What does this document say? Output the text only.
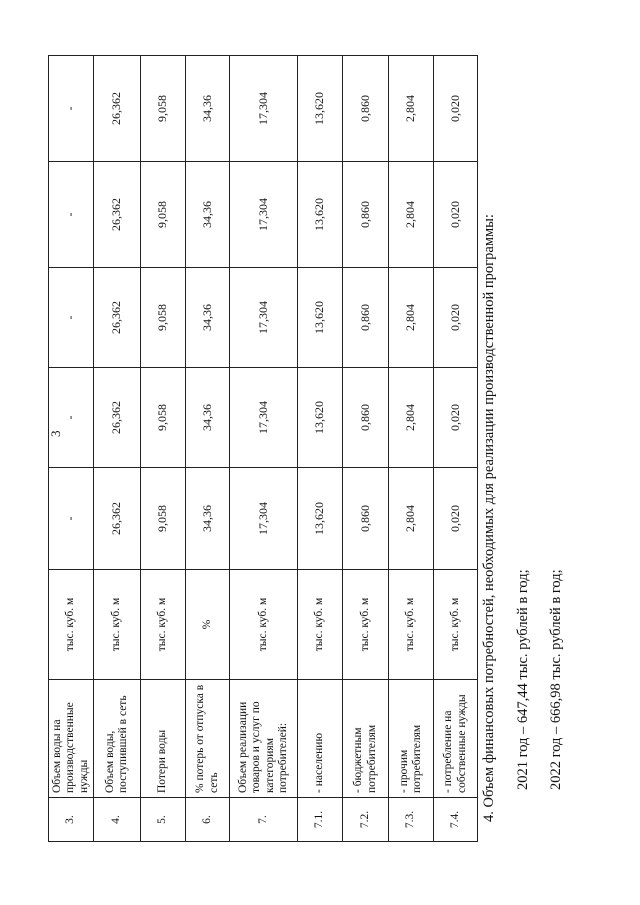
3
3.	Объем воды на производственные нужды	тыс. куб. м	-	-	-	-	-
4.	Объем воды, поступившей в сеть	тыс. куб. м	26,362	26,362	26,362	26,362	26,362
5.	Потери воды	тыс. куб. м	9,058	9,058	9,058	9,058	9,058
6.	% потерь от отпуска в сеть	%	34,36	34,36	34,36	34,36	34,36
7.	Объем реализации товаров и услуг по категориям потребителей:	тыс. куб. м	17,304	17,304	17,304	17,304	17,304
7.1.	- населению	тыс. куб. м	13,620	13,620	13,620	13,620	13,620
7.2.	- бюджетным потребителям	тыс. куб. м	0,860	0,860	0,860	0,860	0,860
7.3.	- прочим потребителям	тыс. куб. м	2,804	2,804	2,804	2,804	2,804
7.4.	- потребление на собственные нужды	тыс. куб. м	0,020	0,020	0,020	0,020	0,020
4. Объем финансовых потребностей, необходимых для реализации производственной программы: 2021 год – 647,44 тыс. рублей в год; 2022 год – 666,98 тыс. рублей в год;
